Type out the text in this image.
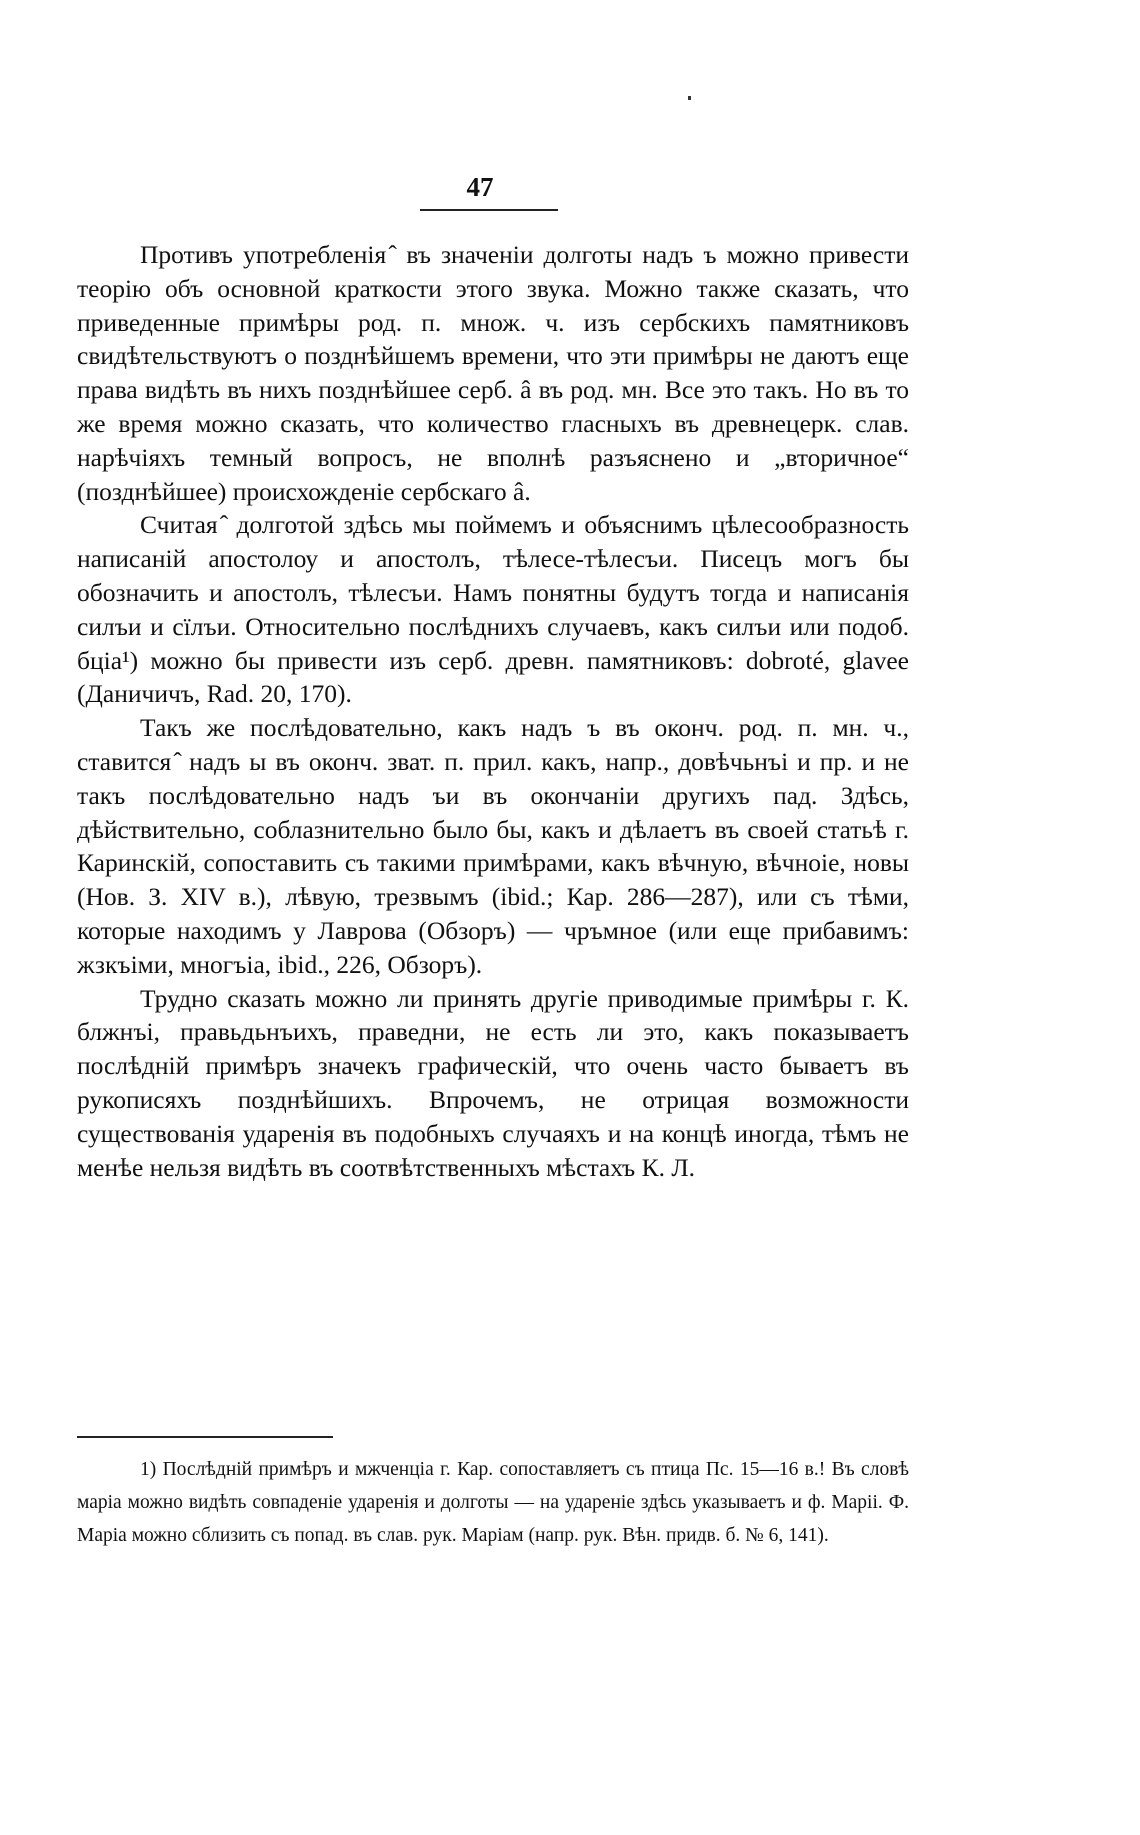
47

Противъ употребленія ̂ въ значеніи долготы надъ ъ можно привести теорію объ основной краткости этого звука. Можно также сказать, что приведенные примѣры род. п. множ. ч. изъ сербскихъ памятниковъ свидѣтельствуютъ о позднѣйшемъ времени, что эти примѣры не даютъ еще права видѣть въ нихъ позднѣйшее серб. â въ род. мн. Все это такъ. Но въ то же время можно сказать, что количество гласныхъ въ древнецерк. слав. нарѣчіяхъ темный вопросъ, не вполнѣ разъяснено и „вторичное“ (позднѣйшее) происхожденіе сербскаго â.

Считая ̂ долготой здѣсь мы поймемъ и объяснимъ цѣлесообразность написаній апостолоу и апостолъ, тѣлесе-тѣлесъи. Писецъ могъ бы обозначить и апостолъ, тѣлесъи. Намъ понятны будутъ тогда и написанія силъи и сїлъи. Относительно послѣднихъ случаевъ, какъ силъи или подоб. бціа¹) можно бы привести изъ серб. древн. памятниковъ: dobroté, glavee (Даничичъ, Rad. 20, 170).

Такъ же послѣдовательно, какъ надъ ъ въ оконч. род. п. мн. ч., ставится ̂ надъ ы въ оконч. зват. п. прил. какъ, напр., довѣчьнъі и пр. и не такъ послѣдовательно надъ ъи въ окончаніи другихъ пад. Здѣсь, дѣйствительно, соблазнительно было бы, какъ и дѣлаетъ въ своей статьѣ г. Каринскій, сопоставить съ такими примѣрами, какъ вѣчную, вѣчноіе, новы (Нов. З. XIV в.), лѣвую, трезвымъ (ibid.; Кар. 286—287), или съ тѣми, которые находимъ у Лаврова (Обзоръ) — чръмное (или еще прибавимъ: жзкъіми, многъіа, ibid., 226, Обзоръ).

Трудно сказать можно ли принять другіе приводимые примѣры г. К. блжнъі, правьдьнъихъ, праведни, не есть ли это, какъ показываетъ послѣдній примѣръ значекъ графическій, что очень часто бываетъ въ рукописяхъ позднѣйшихъ. Впрочемъ, не отрицая возможности существованія ударенія въ подобныхъ случаяхъ и на концѣ иногда, тѣмъ не менѣе нельзя видѣть въ соотвѣтственныхъ мѣстахъ К. Л.

1) Послѣдній примѣръ и мжченціа г. Кар. сопоставляетъ съ птица Пс. 15—16 в.! Въ словѣ маріа можно видѣть совпаденіе ударенія и долготы — на удареніе здѣсь указываетъ и ф. Маріі. Ф. Марiа можно сблизить съ попад. въ слав. рук. Маріам (напр. рук. Вѣн. придв. б. № 6, 141).
